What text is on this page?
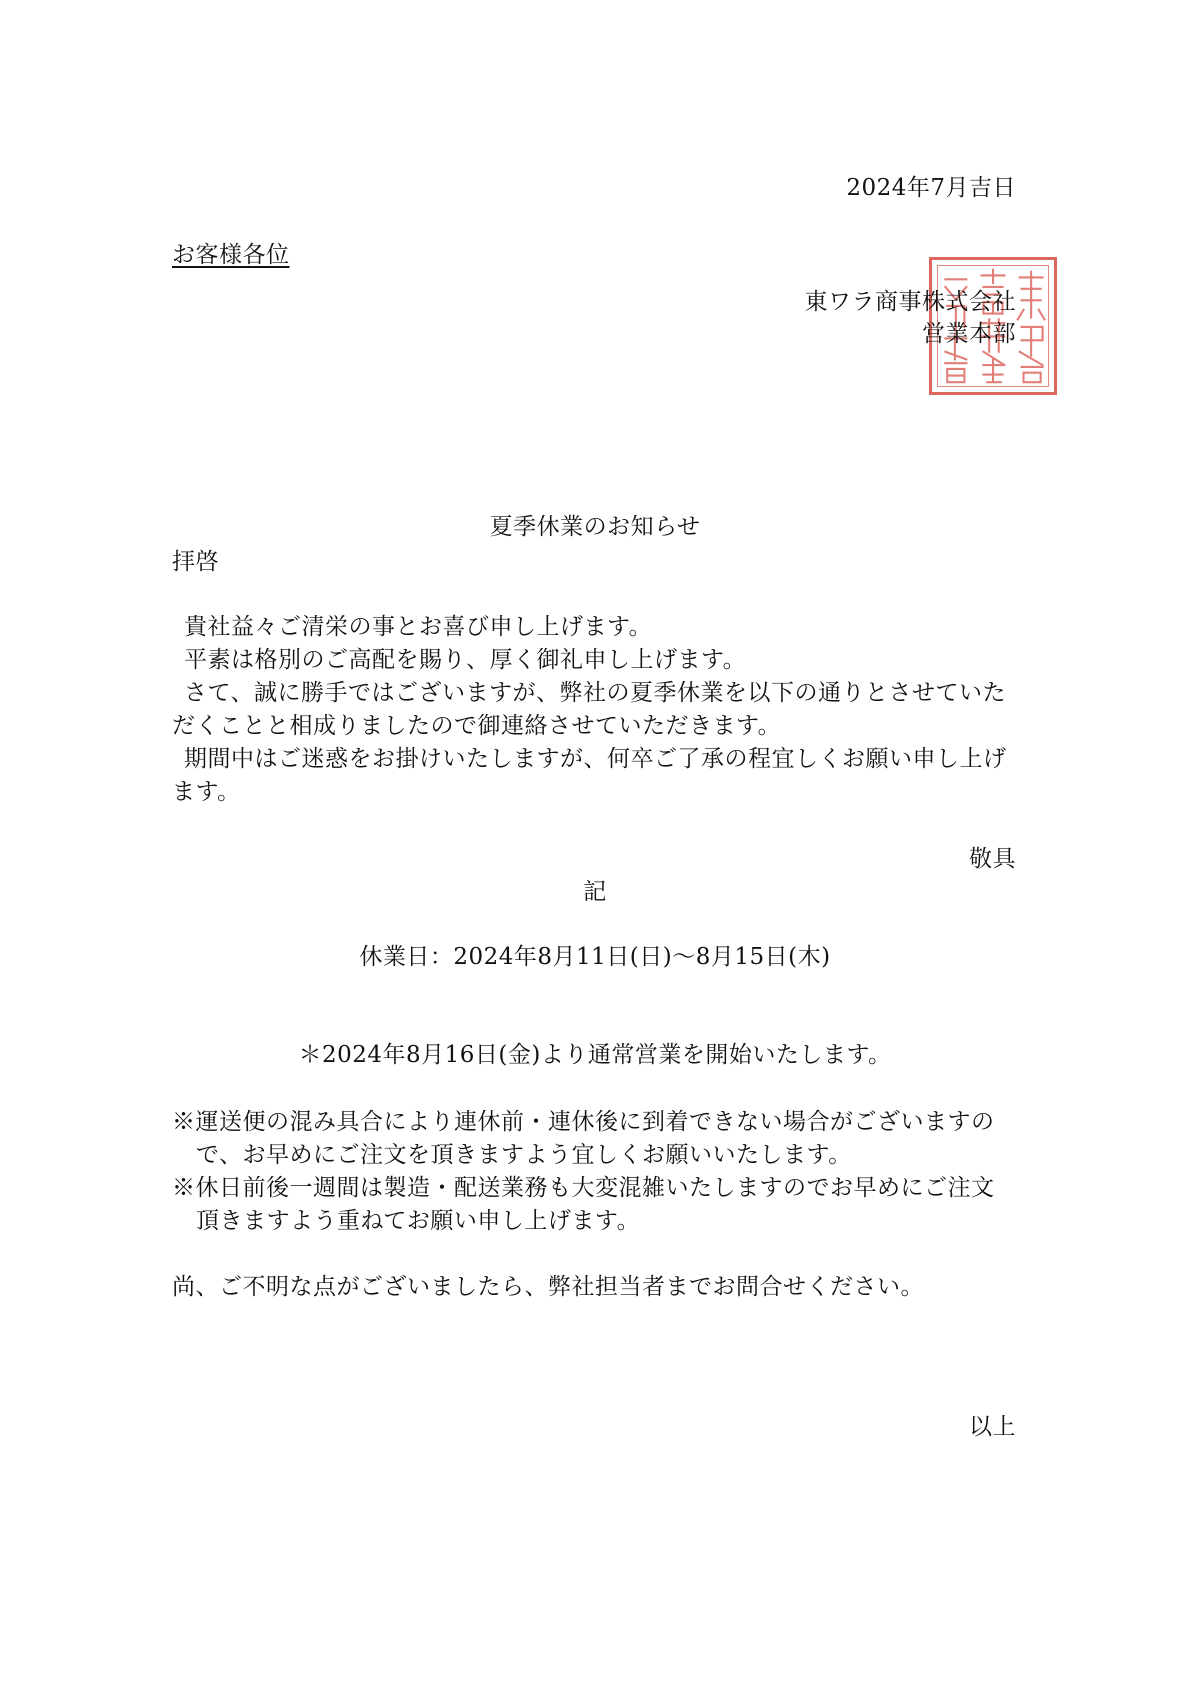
2024年7月吉日

お客様各位

東ワラ商事株式会社

営業本部

夏季休業のお知らせ

拝啓

貴社益々ご清栄の事とお喜び申し上げます。

平素は格別のご高配を賜り、厚く御礼申し上げます。

さて、誠に勝手ではございますが、弊社の夏季休業を以下の通りとさせていた

だくことと相成りましたので御連絡させていただきます。

期間中はご迷惑をお掛けいたしますが、何卒ご了承の程宜しくお願い申し上げ

ます。

敬具

記

休業日：2024年8月11日(日)～8月15日(木)

＊2024年8月16日(金)より通常営業を開始いたします。

※運送便の混み具合により連休前・連休後に到着できない場合がございますの

で、お早めにご注文を頂きますよう宜しくお願いいたします。

※休日前後一週間は製造・配送業務も大変混雑いたしますのでお早めにご注文

頂きますよう重ねてお願い申し上げます。

尚、ご不明な点がございましたら、弊社担当者までお問合せください。

以上
